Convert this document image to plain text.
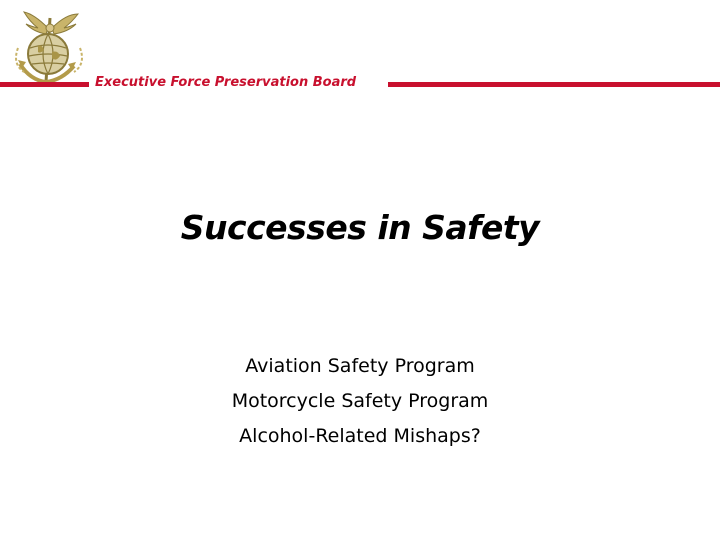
Executive Force Preservation Board
Successes in Safety
Aviation Safety Program
Motorcycle Safety Program
Alcohol-Related Mishaps?
